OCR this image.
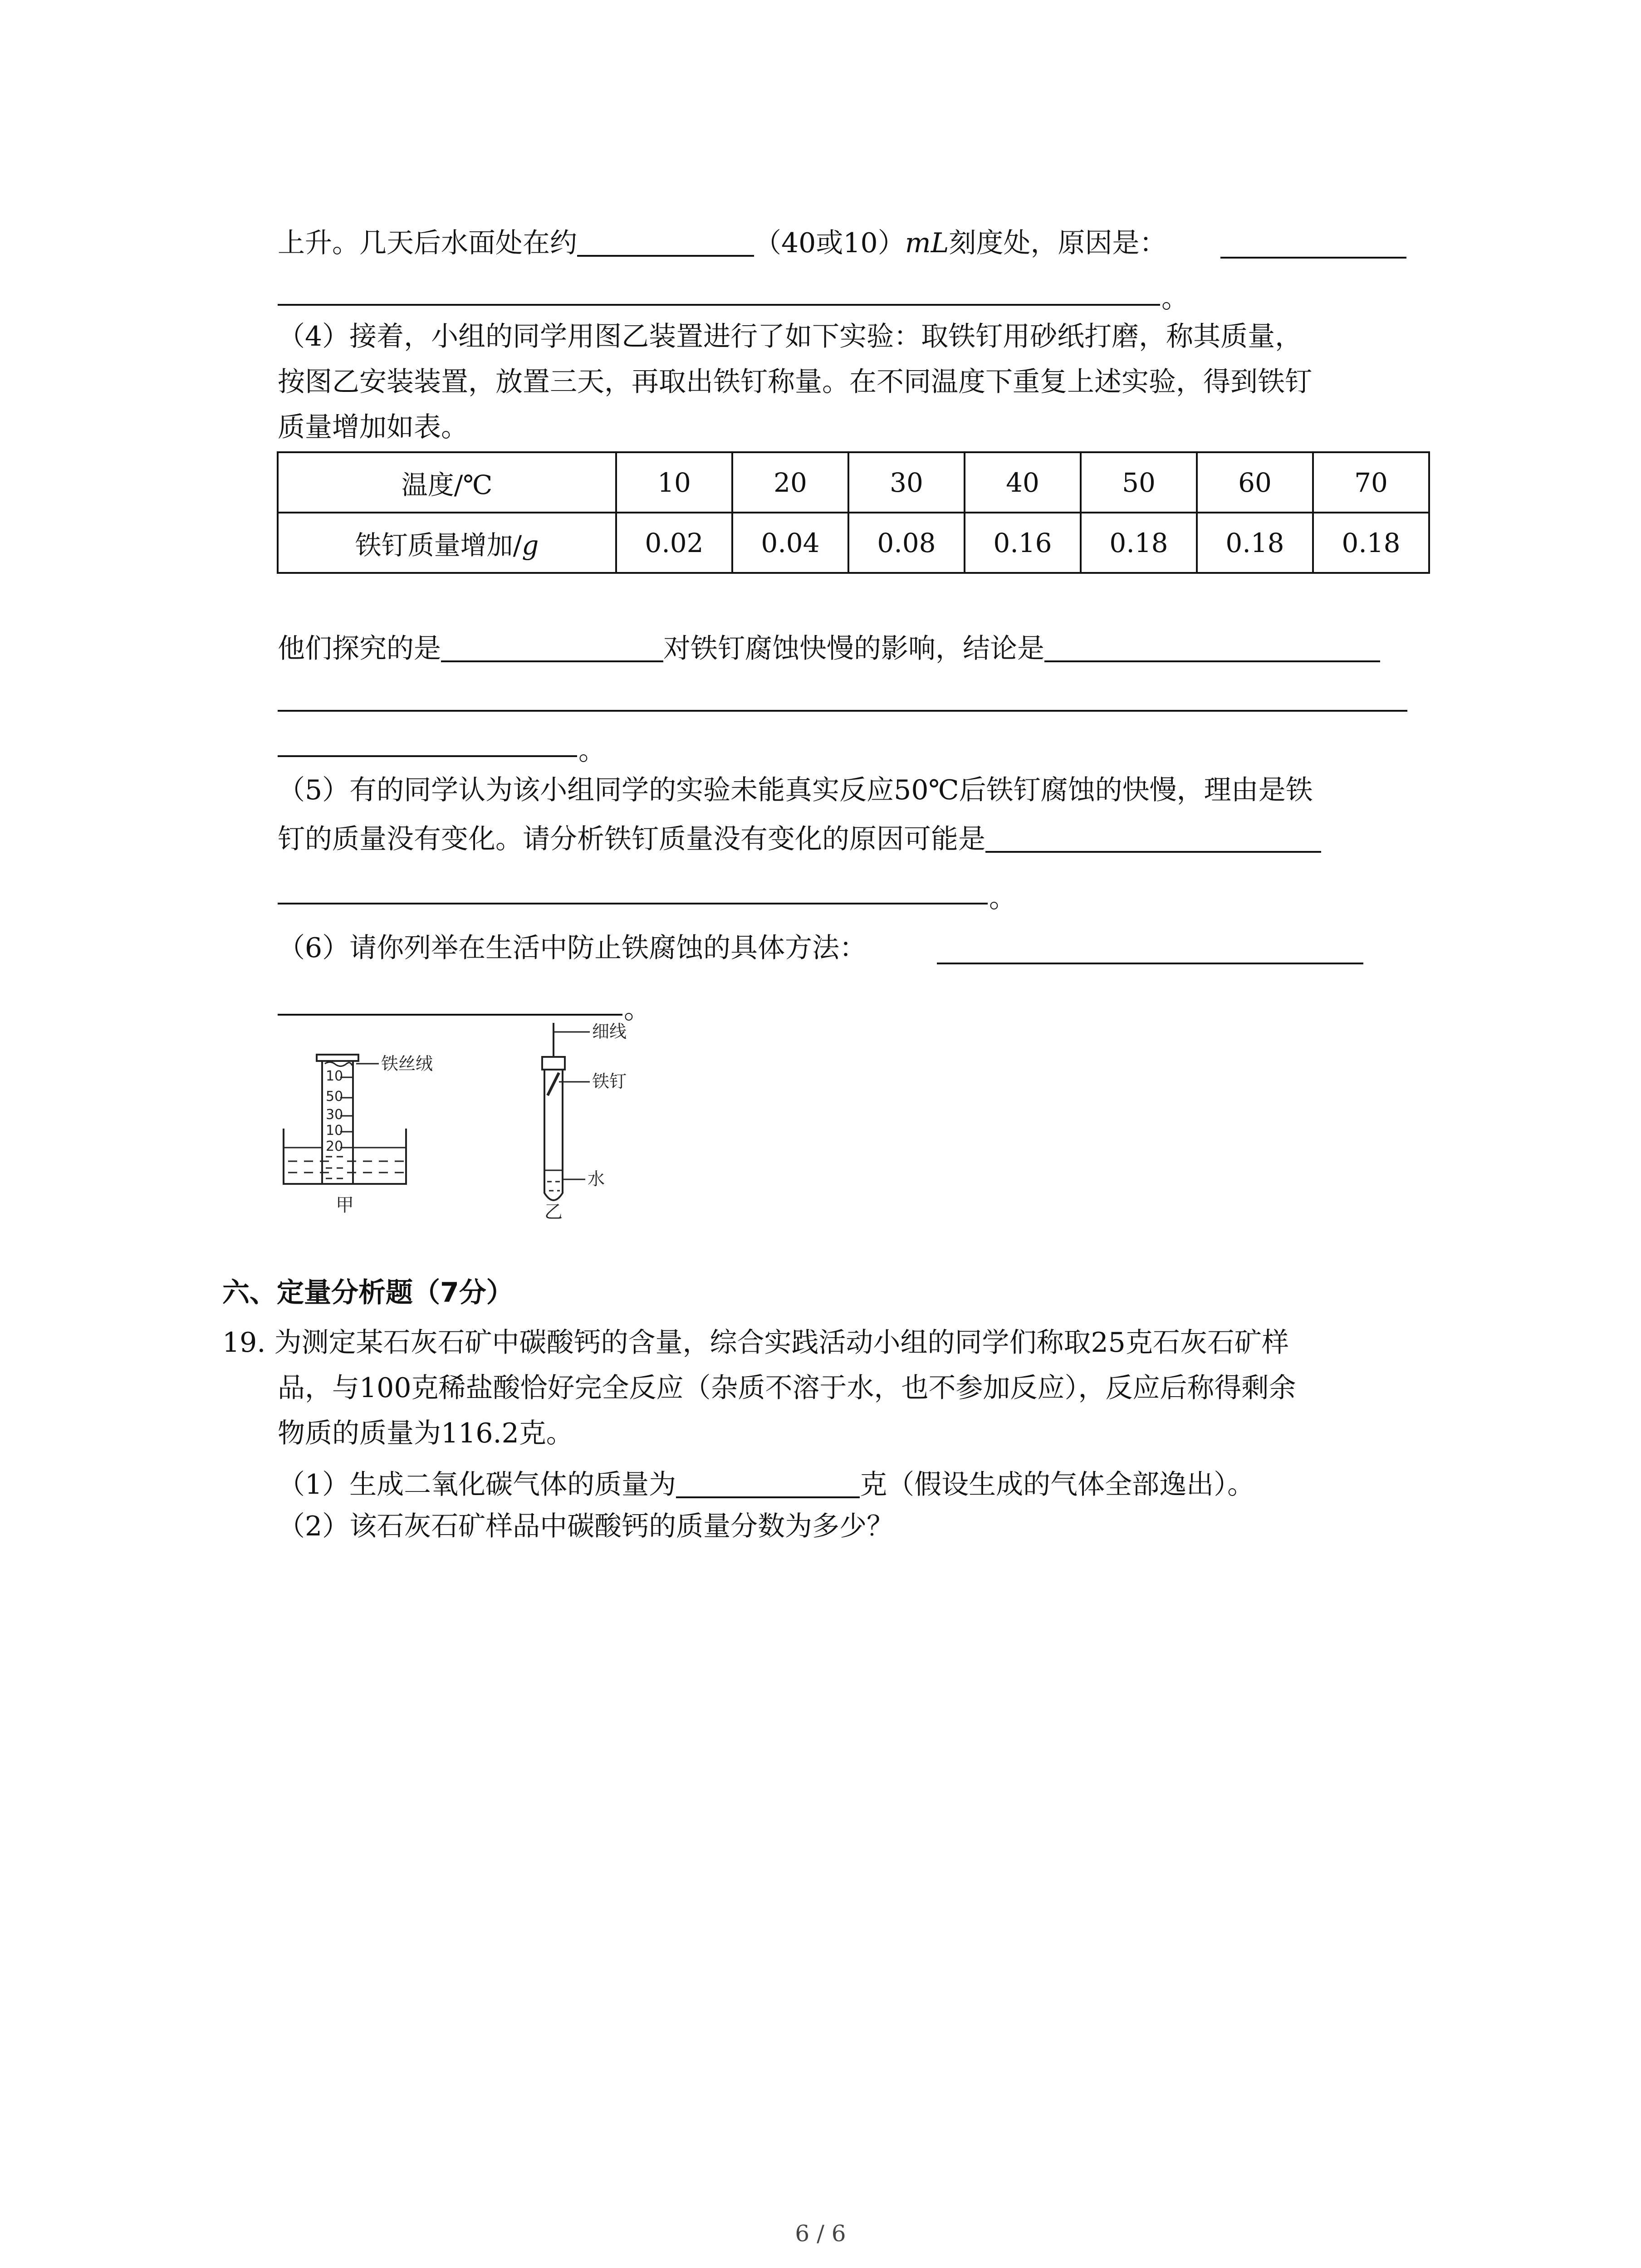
上升。几天后水面处在约	（40或10）mL刻度处，原因是：
。
（4）接着，小组的同学用图乙装置进行了如下实验：取铁钉用砂纸打磨，称其质量，
按图乙安装装置，放置三天，再取出铁钉称量。在不同温度下重复上述实验，得到铁钉
质量增加如表。
温度/℃	10	20	30	40	50	60	70
铁钉质量增加/g	0.02	0.04	0.08	0.16	0.18	0.18	0.18
他们探究的是	对铁钉腐蚀快慢的影响，结论是
。
（5）有的同学认为该小组同学的实验未能真实反应50℃后铁钉腐蚀的快慢，理由是铁
钉的质量没有变化。请分析铁钉质量没有变化的原因可能是
。
（6）请你列举在生活中防止铁腐蚀的具体方法：
。
10
50
30
10
20
铁丝绒
甲
细线
铁钉
水
乙
六、定量分析题（7分）
19. 为测定某石灰石矿中碳酸钙的含量，综合实践活动小组的同学们称取25克石灰石矿样
品，与100克稀盐酸恰好完全反应（杂质不溶于水，也不参加反应），反应后称得剩余
物质的质量为116.2克。
（1）生成二氧化碳气体的质量为	克（假设生成的气体全部逸出）。
（2）该石灰石矿样品中碳酸钙的质量分数为多少？
6 / 6
